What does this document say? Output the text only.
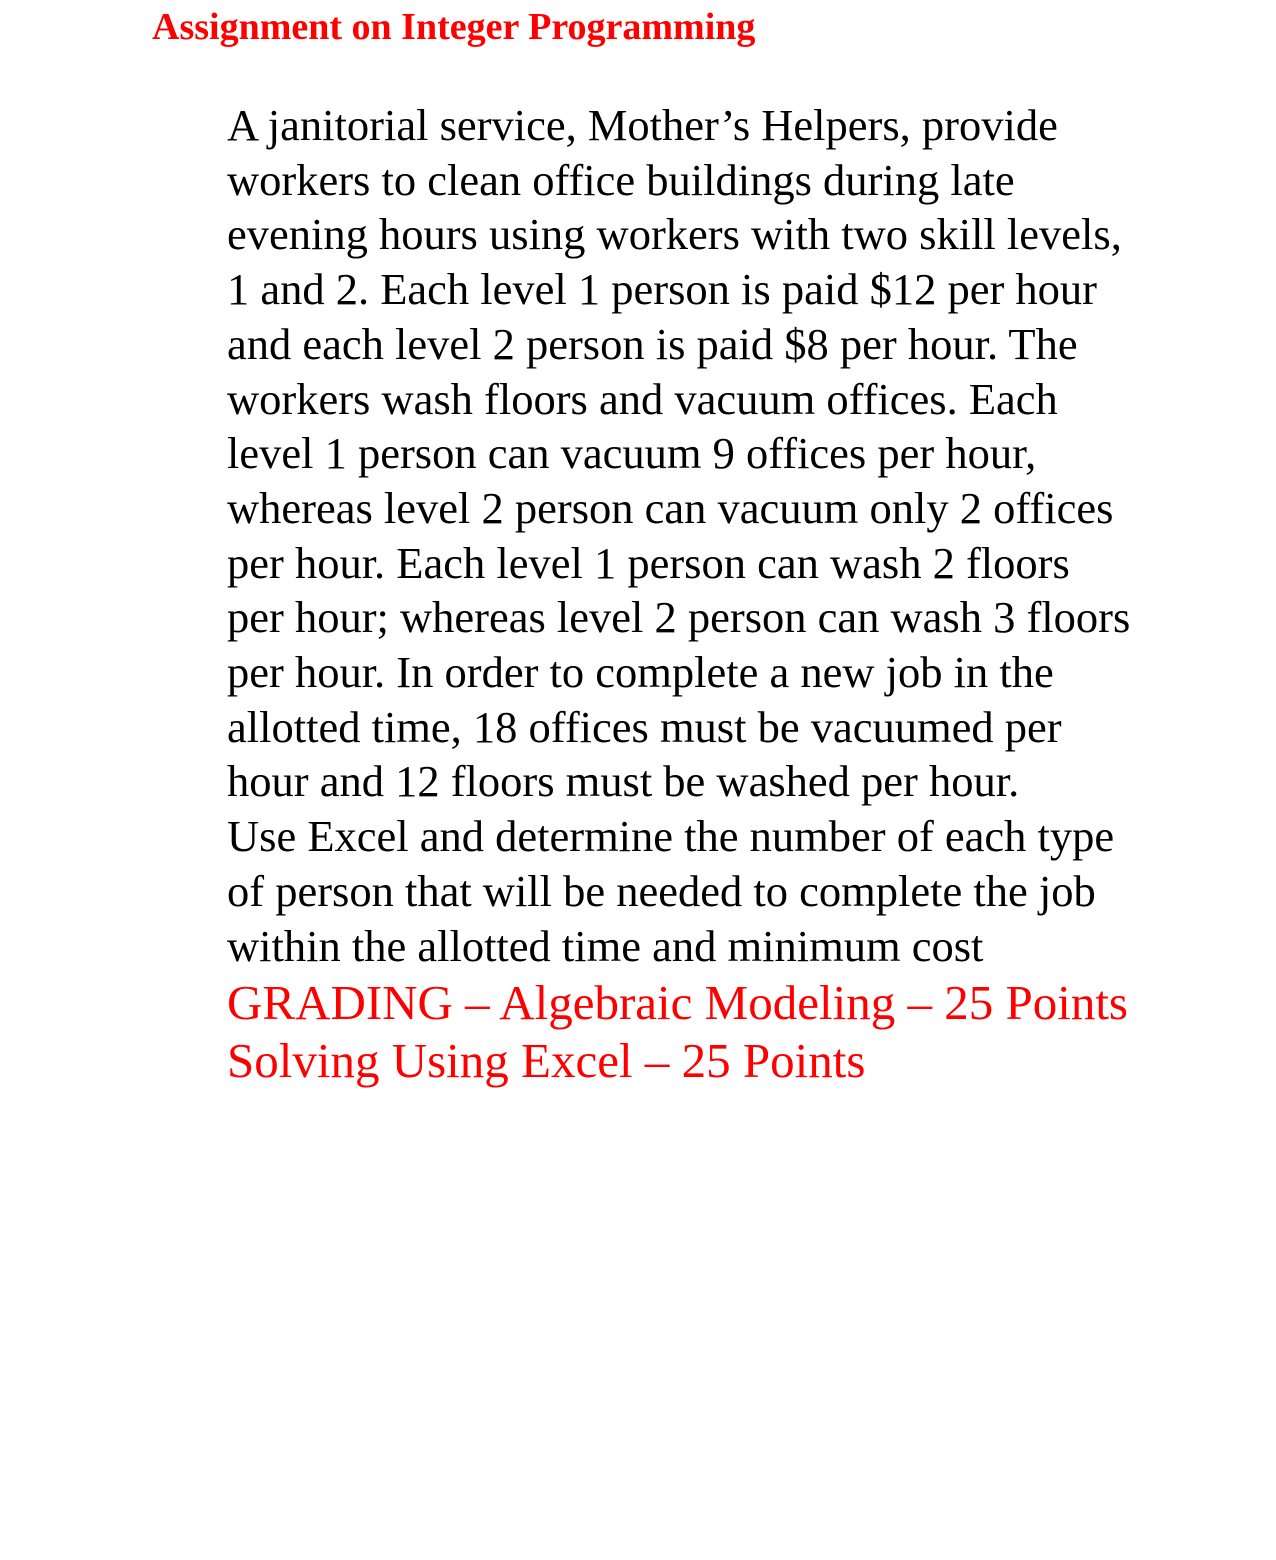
Assignment on Integer Programming

A janitorial service, Mother’s Helpers, provide workers to clean office buildings during late evening hours using workers with two skill levels, 1 and 2. Each level 1 person is paid $12 per hour and each level 2 person is paid $8 per hour. The workers wash floors and vacuum offices. Each level 1 person can vacuum 9 offices per hour, whereas level 2 person can vacuum only 2 offices per hour. Each level 1 person can wash 2 floors per hour; whereas level 2 person can wash 3 floors per hour. In order to complete a new job in the allotted time, 18 offices must be vacuumed per hour and 12 floors must be washed per hour.

Use Excel and determine the number of each type of person that will be needed to complete the job within the allotted time and minimum cost

GRADING – Algebraic Modeling – 25 Points

Solving Using Excel – 25 Points
